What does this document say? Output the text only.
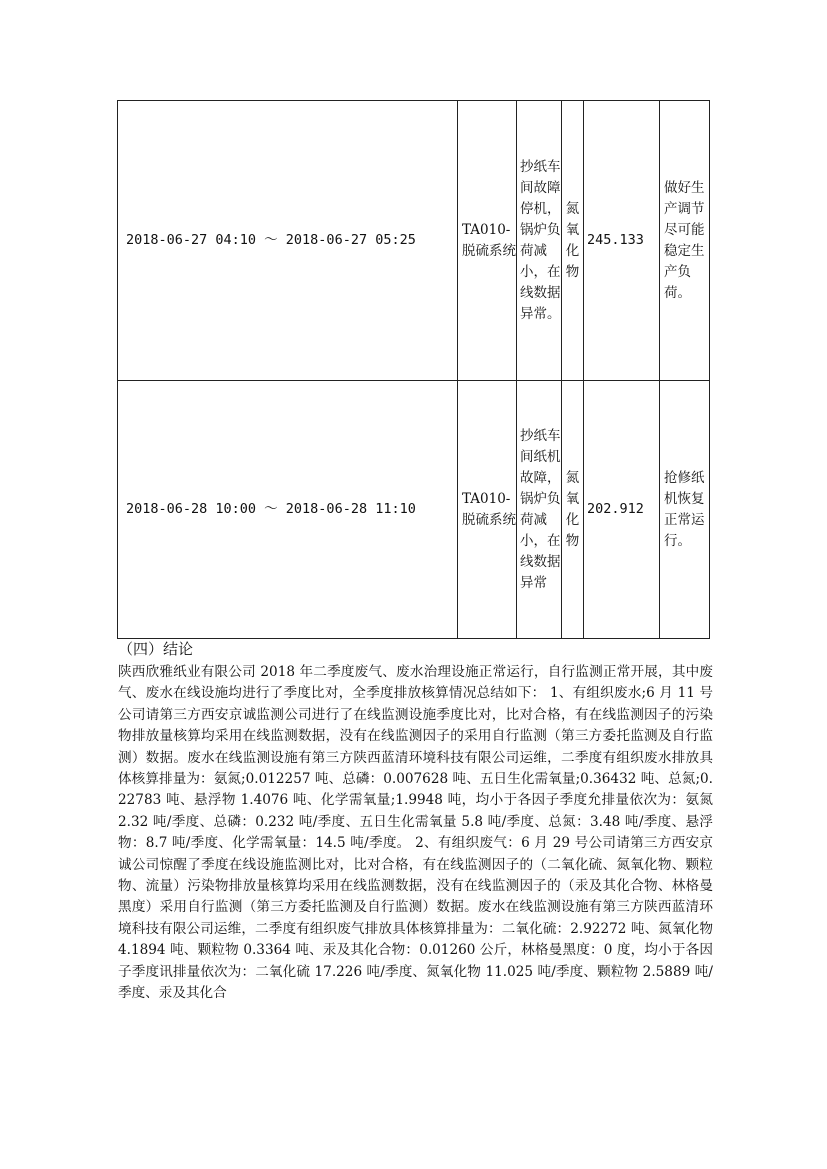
2018-06-27 04:10 ～ 2018-06-27 05:25	TA010-脱硫系统	抄纸车间故障停机，锅炉负荷减小，在线数据异常。	氮氧化物	245.133	做好生产调节尽可能稳定生产负荷。
2018-06-28 10:00 ～ 2018-06-28 11:10	TA010-脱硫系统	抄纸车间纸机故障，锅炉负荷减小，在线数据异常	氮氧化物	202.912	抢修纸机恢复正常运行。
（四）结论
陕西欣雅纸业有限公司 2018 年二季度废气、废水治理设施正常运行，自行监测正常开展，其中废气、废水在线设施均进行了季度比对，全季度排放核算情况总结如下： 1、有组织废水;6 月 11 号公司请第三方西安京诚监测公司进行了在线监测设施季度比对，比对合格，有在线监测因子的污染物排放量核算均采用在线监测数据，没有在线监测因子的采用自行监测（第三方委托监测及自行监测）数据。废水在线监测设施有第三方陕西蓝清环境科技有限公司运维，二季度有组织废水排放具体核算排量为：氨氮;0.012257 吨、总磷：0.007628 吨、五日生化需氧量;0.36432 吨、总氮;0.22783 吨、悬浮物 1.4076 吨、化学需氧量;1.9948 吨，均小于各因子季度允排量依次为：氨氮 2.32 吨/季度、总磷：0.232 吨/季度、五日生化需氧量 5.8 吨/季度、总氮：3.48 吨/季度、悬浮物：8.7 吨/季度、化学需氧量：14.5 吨/季度。 2、有组织废气：6 月 29 号公司请第三方西安京诚公司惊醒了季度在线设施监测比对，比对合格，有在线监测因子的（二氧化硫、氮氧化物、颗粒物、流量）污染物排放量核算均采用在线监测数据，没有在线监测因子的（汞及其化合物、林格曼黑度）采用自行监测（第三方委托监测及自行监测）数据。废水在线监测设施有第三方陕西蓝清环境科技有限公司运维，二季度有组织废气排放具体核算排量为：二氧化硫：2.92272 吨、氮氧化物 4.1894 吨、颗粒物 0.3364 吨、汞及其化合物：0.01260 公斤，林格曼黑度：0 度，均小于各因子季度讯排量依次为：二氧化硫 17.226 吨/季度、氮氧化物 11.025 吨/季度、颗粒物 2.5889 吨/季度、汞及其化合
